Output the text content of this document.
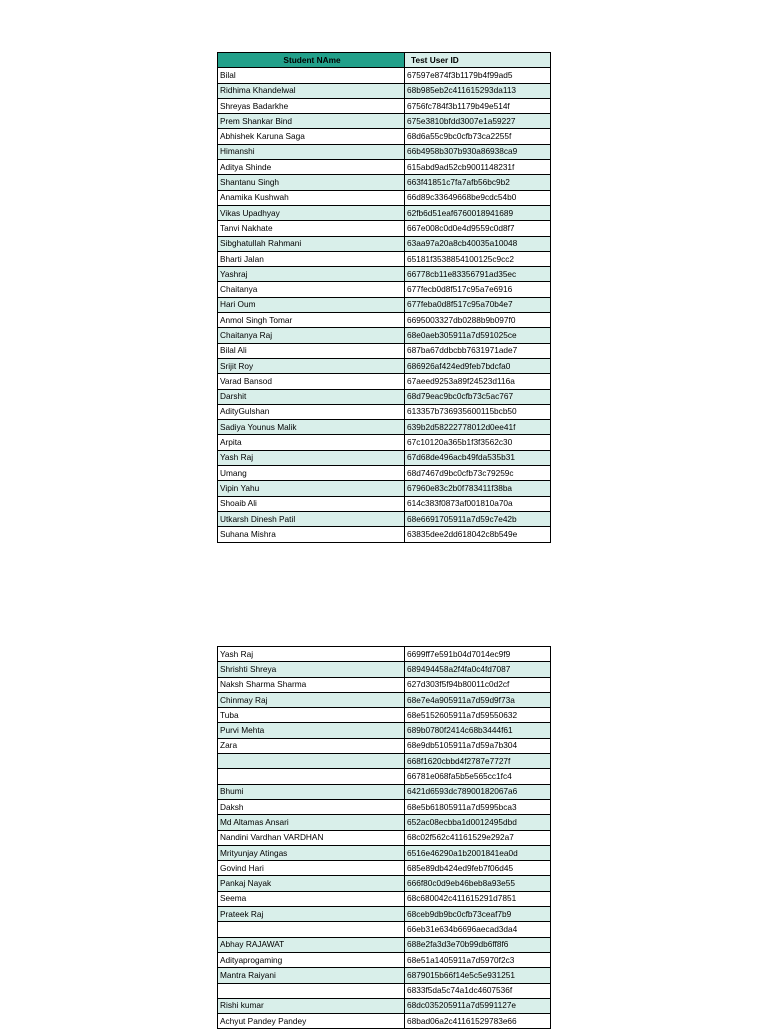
Student NAme	Test User ID
Bilal	67597e874f3b1179b4f99ad5
Ridhima Khandelwal	68b985eb2c411615293da113
Shreyas Badarkhe	6756fc784f3b1179b49e514f
Prem Shankar Bind	675e3810bfdd3007e1a59227
Abhishek Karuna Saga	68d6a55c9bc0cfb73ca2255f
Himanshi	66b4958b307b930a86938ca9
Aditya Shinde	615abd9ad52cb9001148231f
Shantanu Singh	663f41851c7fa7afb56bc9b2
Anamika Kushwah	66d89c33649668be9cdc54b0
Vikas Upadhyay	62fb6d51eaf6760018941689
Tanvi Nakhate	667e008c0d0e4d9559c0d8f7
Sibghatullah Rahmani	63aa97a20a8cb40035a10048
Bharti Jalan	65181f3538854100125c9cc2
Yashraj	66778cb11e83356791ad35ec
Chaitanya	677fecb0d8f517c95a7e6916
Hari Oum	677feba0d8f517c95a70b4e7
Anmol Singh Tomar	6695003327db0288b9b097f0
Chaitanya Raj	68e0aeb305911a7d591025ce
Bilal Ali	687ba67ddbcbb7631971ade7
Srijit Roy	686926af424ed9feb7bdcfa0
Varad Bansod	67aeed9253a89f24523d116a
Darshit	68d79eac9bc0cfb73c5ac767
AdityGulshan	613357b736935600115bcb50
Sadiya Younus Malik	639b2d58222778012d0ee41f
Arpita	67c10120a365b1f3f3562c30
Yash Raj	67d68de496acb49fda535b31
Umang	68d7467d9bc0cfb73c79259c
Vipin Yahu	67960e83c2b0f783411f38ba
Shoaib Ali	614c383f0873af001810a70a
Utkarsh Dinesh Patil	68e6691705911a7d59c7e42b
Suhana Mishra	63835dee2dd618042c8b549e
Yash Raj	6699ff7e591b04d7014ec9f9
Shrishti Shreya	689494458a2f4fa0c4fd7087
Naksh Sharma Sharma	627d303f5f94b80011c0d2cf
Chinmay Raj	68e7e4a905911a7d59d9f73a
Tuba	68e5152605911a7d59550632
Purvi Mehta	689b0780f2414c68b3444f61
Zara	68e9db5105911a7d59a7b304
	668f1620cbbd4f2787e7727f
	66781e068fa5b5e565cc1fc4
Bhumi	6421d6593dc78900182067a6
Daksh	68e5b61805911a7d5995bca3
Md Altamas Ansari	652ac08ecbba1d0012495dbd
Nandini Vardhan VARDHAN	68c02f562c41161529e292a7
Mrityunjay Atingas	6516e46290a1b2001841ea0d
Govind Hari	685e89db424ed9feb7f06d45
Pankaj Nayak	666f80c0d9eb46beb8a93e55
Seema	68c680042c411615291d7851
Prateek Raj	68ceb9db9bc0cfb73ceaf7b9
	66eb31e634b6696aecad3da4
Abhay RAJAWAT	688e2fa3d3e70b99db6ff8f6
Adityaprogaming	68e51a1405911a7d5970f2c3
Mantra Raiyani	6879015b66f14e5c5e931251
	6833f5da5c74a1dc4607536f
Rishi kumar	68dc035205911a7d5991127e
Achyut Pandey Pandey	68bad06a2c41161529783e66
